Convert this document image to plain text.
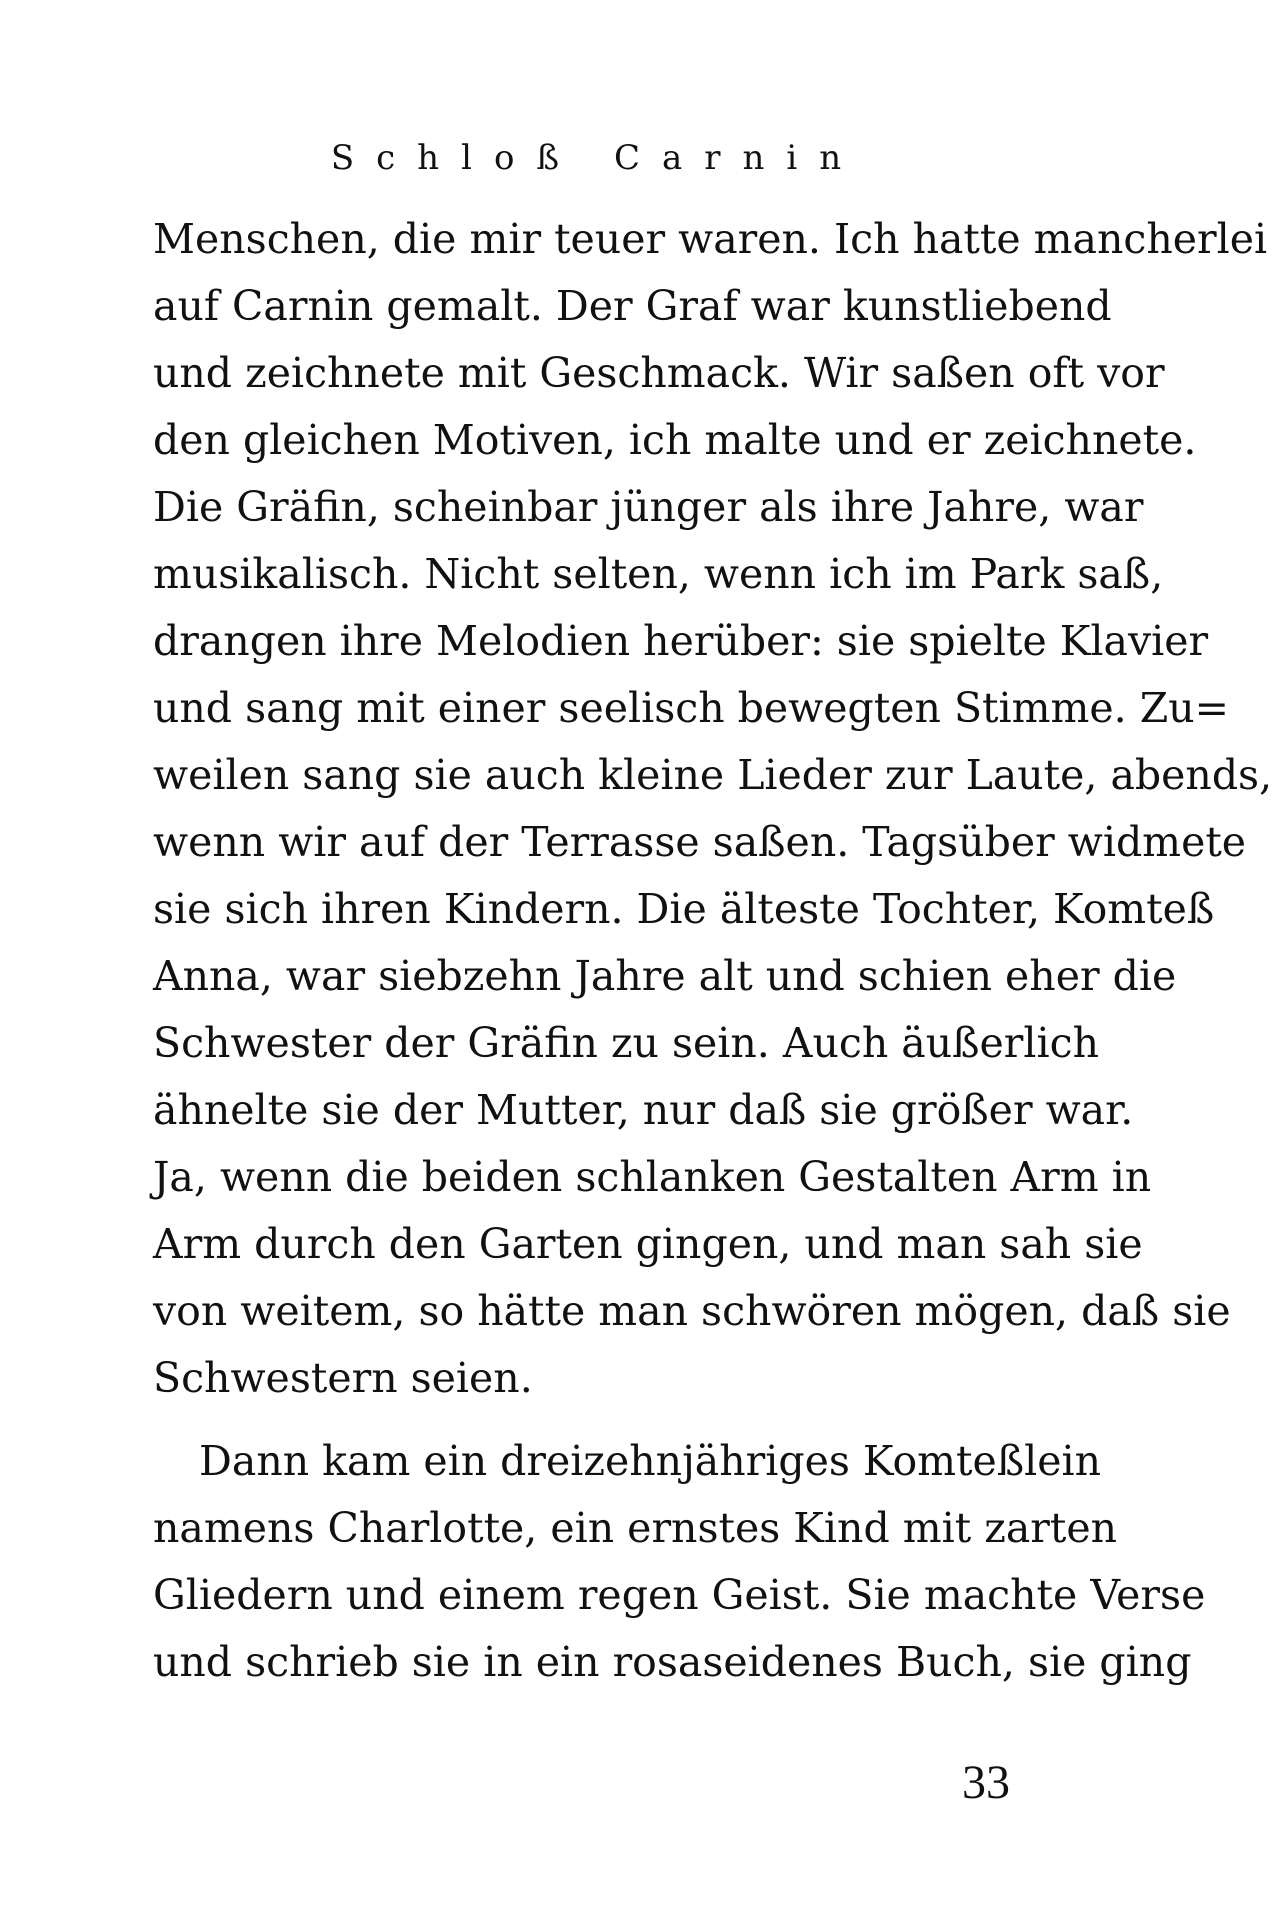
Schloß Carnin
Menschen, die mir teuer waren. Ich hatte mancherlei
auf Carnin gemalt. Der Graf war kunstliebend
und zeichnete mit Geschmack. Wir saßen oft vor
den gleichen Motiven, ich malte und er zeichnete.
Die Gräfin, scheinbar jünger als ihre Jahre, war
musikalisch. Nicht selten, wenn ich im Park saß,
drangen ihre Melodien herüber: sie spielte Klavier
und sang mit einer seelisch bewegten Stimme. Zu=
weilen sang sie auch kleine Lieder zur Laute, abends,
wenn wir auf der Terrasse saßen. Tagsüber widmete
sie sich ihren Kindern. Die älteste Tochter, Komteß
Anna, war siebzehn Jahre alt und schien eher die
Schwester der Gräfin zu sein. Auch äußerlich
ähnelte sie der Mutter, nur daß sie größer war.
Ja, wenn die beiden schlanken Gestalten Arm in
Arm durch den Garten gingen, und man sah sie
von weitem, so hätte man schwören mögen, daß sie
Schwestern seien.
Dann kam ein dreizehnjähriges Komteßlein
namens Charlotte, ein ernstes Kind mit zarten
Gliedern und einem regen Geist. Sie machte Verse
und schrieb sie in ein rosaseidenes Buch, sie ging
33
